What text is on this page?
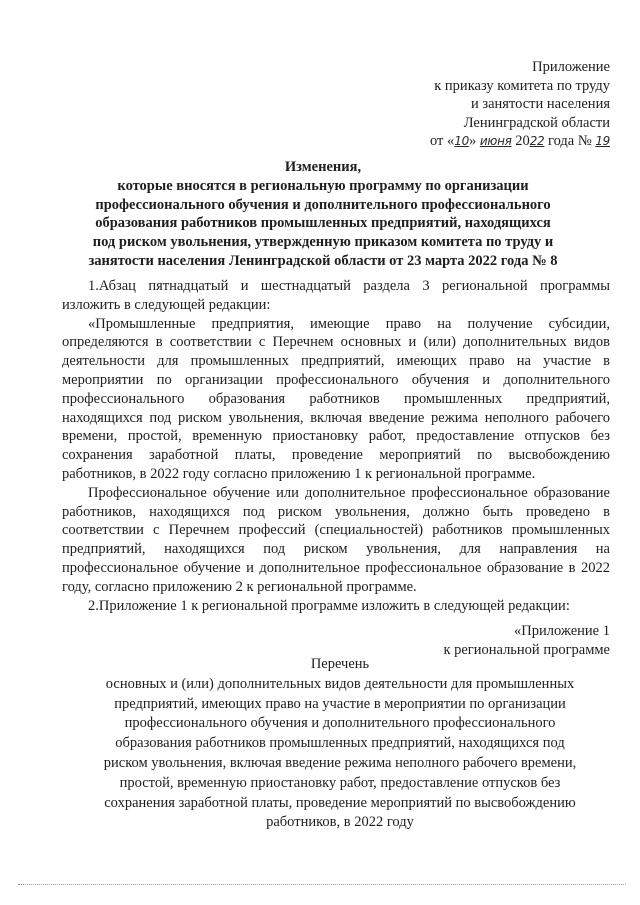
Приложение
к приказу комитета по труду
и занятости населения
Ленинградской области
от «10» июня 2022 года № 19
Изменения,
которые вносятся в региональную программу по организации
профессионального обучения и дополнительного профессионального
образования работников промышленных предприятий, находящихся
под риском увольнения, утвержденную приказом комитета по труду и
занятости населения Ленинградской области от 23 марта 2022 года № 8

1.Абзац пятнадцатый и шестнадцатый раздела 3 региональной программы изложить в следующей редакции:

«Промышленные предприятия, имеющие право на получение субсидии, определяются в соответствии с Перечнем основных и (или) дополнительных видов деятельности для промышленных предприятий, имеющих право на участие в мероприятии по организации профессионального обучения и дополнительного профессионального образования работников промышленных предприятий, находящихся под риском увольнения, включая введение режима неполного рабочего времени, простой, временную приостановку работ, предоставление отпусков без сохранения заработной платы, проведение мероприятий по высвобождению работников, в 2022 году согласно приложению 1 к региональной программе.

Профессиональное обучение или дополнительное профессиональное образование работников, находящихся под риском увольнения, должно быть проведено в соответствии с Перечнем профессий (специальностей) работников промышленных предприятий, находящихся под риском увольнения, для направления на профессиональное обучение и дополнительное профессиональное образование в 2022 году, согласно приложению 2 к региональной программе.

2.Приложение 1 к региональной программе изложить в следующей редакции:

«Приложение 1
к региональной программе
Перечень
основных и (или) дополнительных видов деятельности для промышленных
предприятий, имеющих право на участие в мероприятии по организации
профессионального обучения и дополнительного профессионального
образования работников промышленных предприятий, находящихся под
риском увольнения, включая введение режима неполного рабочего времени,
простой, временную приостановку работ, предоставление отпусков без
сохранения заработной платы, проведение мероприятий по высвобождению
работников, в 2022 году
